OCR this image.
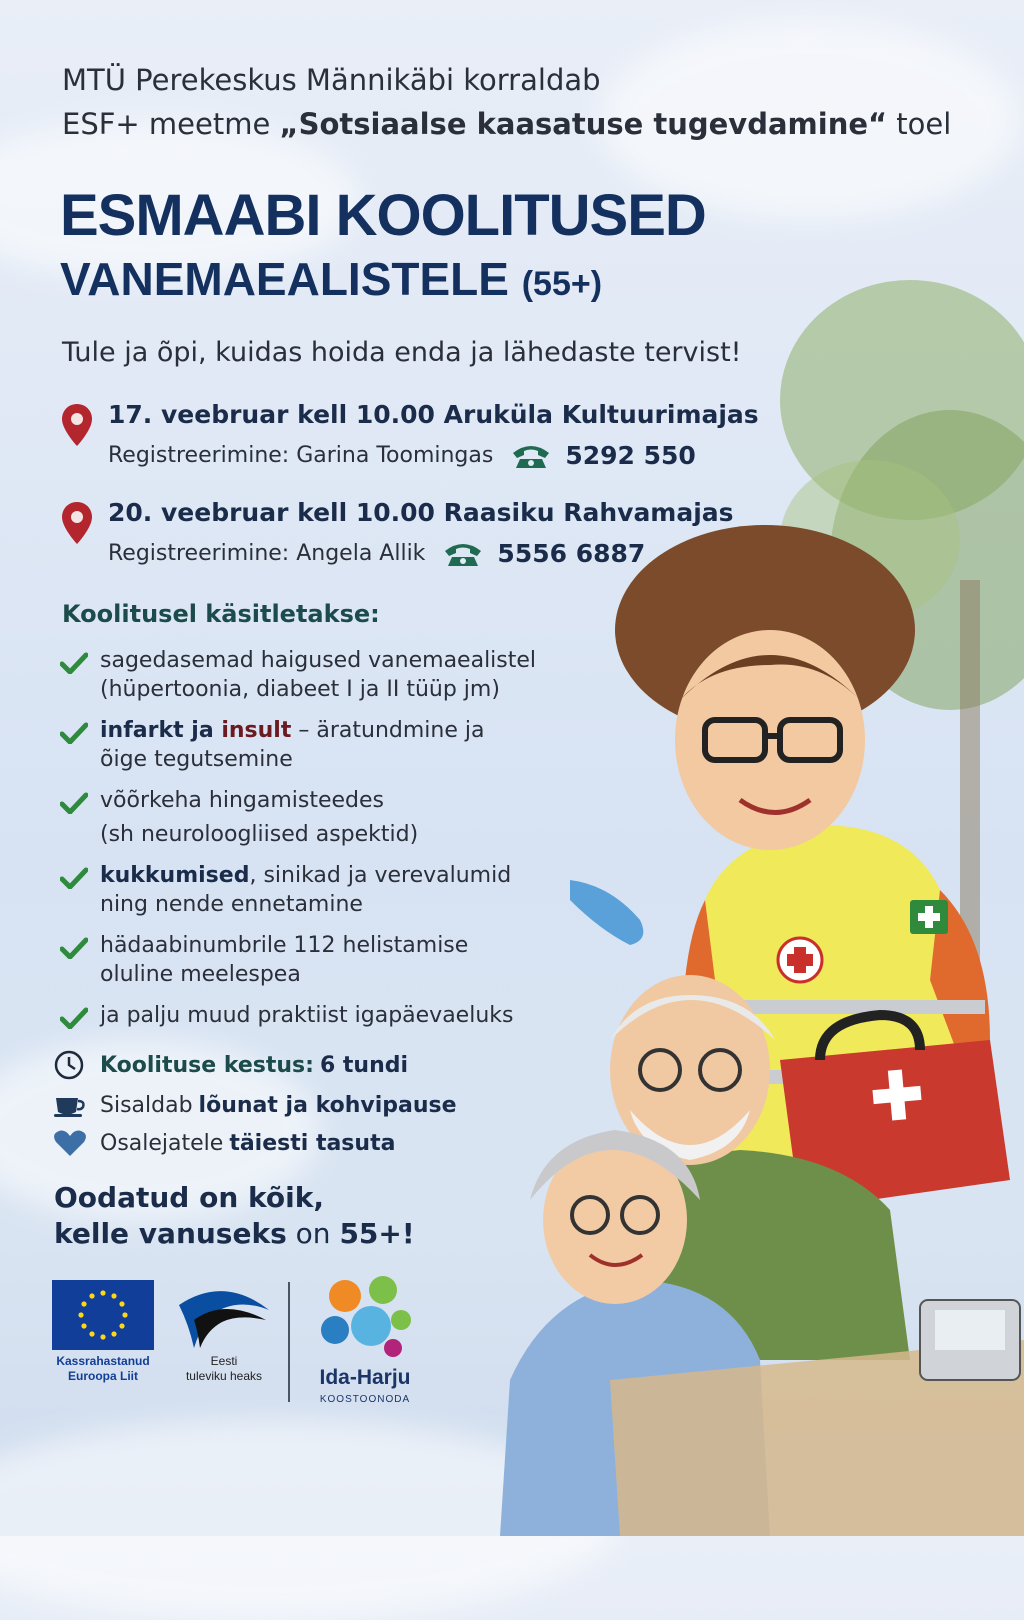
MTÜ Perekeskus Männikäbi korraldab
ESF+ meetme „Sotsiaalse kaasatuse tugevdamine“ toel
ESMAABI KOOLITUSED
VANEMAEALISTELE (55+)
Tule ja õpi, kuidas hoida enda ja lähedaste tervist!
17. veebruar kell 10.00 Aruküla Kultuurimajas
Registreerimine: Garina Toomingas	5292 550
20. veebruar kell 10.00 Raasiku Rahvamajas
Registreerimine: Angela Allik	5556 6887
Koolitusel käsitletakse:
sagedasemad haigused vanemaealistel
(hüpertoonia, diabeet I ja II tüüp jm)
infarkt ja insult – äratundmine ja
õige tegutsemine
võõrkeha hingamisteedes
(sh neuroloogliised aspektid)
kukkumised, sinikad ja verevalumid
ning nende ennetamine
hädaabinumbrile 112 helistamise
oluline meelespea
ja palju muud praktiist igapäevaeluks
Koolituse kestus: 6 tundi
Sisaldab lõunat ja kohvipause
Osalejatele täiesti tasuta
Oodatud on kõik,
kelle vanuseks on 55+!
Kassrahastanud
Euroopa Liit
Eesti
tuleviku heaks	Ida-Harju
KOOSTOONODA
